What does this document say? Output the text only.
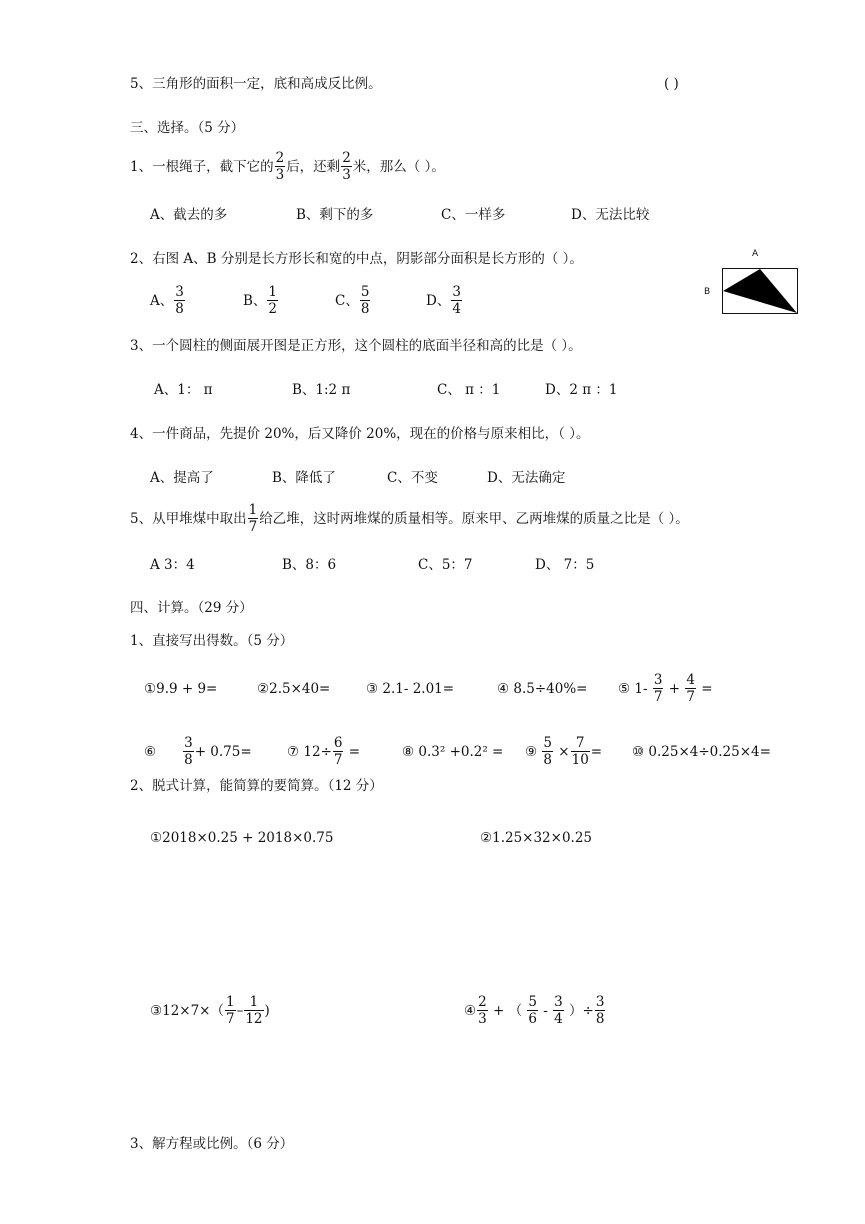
5、三角形的面积一定，底和高成反比例。	( )
三、选择。（5 分）
1、一根绳子，截下它的 $\frac{2}{3}$ 后，还剩 $\frac{2}{3}$ 米，那么（ ）。
A、截去的多	B、剩下的多	C、一样多	D、无法比较
2、右图 A、B 分别是长方形长和宽的中点，阴影部分面积是长方形的（ ）。
A、 $\frac{3}{8}$	B、 $\frac{1}{2}$	C、 $\frac{5}{8}$	D、 $\frac{3}{4}$
A
B
3、一个圆柱的侧面展开图是正方形，这个圆柱的底面半径和高的比是（ ）。
A、1： π	B、1:2 π	C、 π ：1	D、2 π ：1
4、一件商品，先提价 20%，后又降价 20%，现在的价格与原来相比，（ ）。
A、提高了	B、降低了	C、不变	D、无法确定
5、从甲堆煤中取出 $\frac{1}{7}$ 给乙堆，这时两堆煤的质量相等。原来甲、乙两堆煤的质量之比是（ ）。
A 3：4	B、8：6	C、5：7	D、 7：5
四、计算。（29 分）
1、直接写出得数。（5 分）
①9.9 + 9=	②2.5×40=	③ 2.1- 2.01=	④ 8.5÷40%= ⑤ $1- \frac{3}{7} + \frac{4}{7}$ =
⑥ $\frac{3}{8} + 0.75=$	⑦ $12\div \frac{6}{7}$ =	⑧ 0.3² +0.2² = ⑨ $\frac{5}{8} \times \frac{7}{10}$ = ⑩ 0.25×4÷0.25×4=
2、脱式计算，能简算的要简算。（12 分）
①2018×0.25 + 2018×0.75	②1.25×32×0.25
③12×7×（ $\frac{1}{7} - \frac{1}{12}$ )	④ $\frac{2}{3}$ + （ $\frac{5}{6} - \frac{3}{4}$ ）÷ $\frac{3}{8}$
3、解方程或比例。（6 分）
